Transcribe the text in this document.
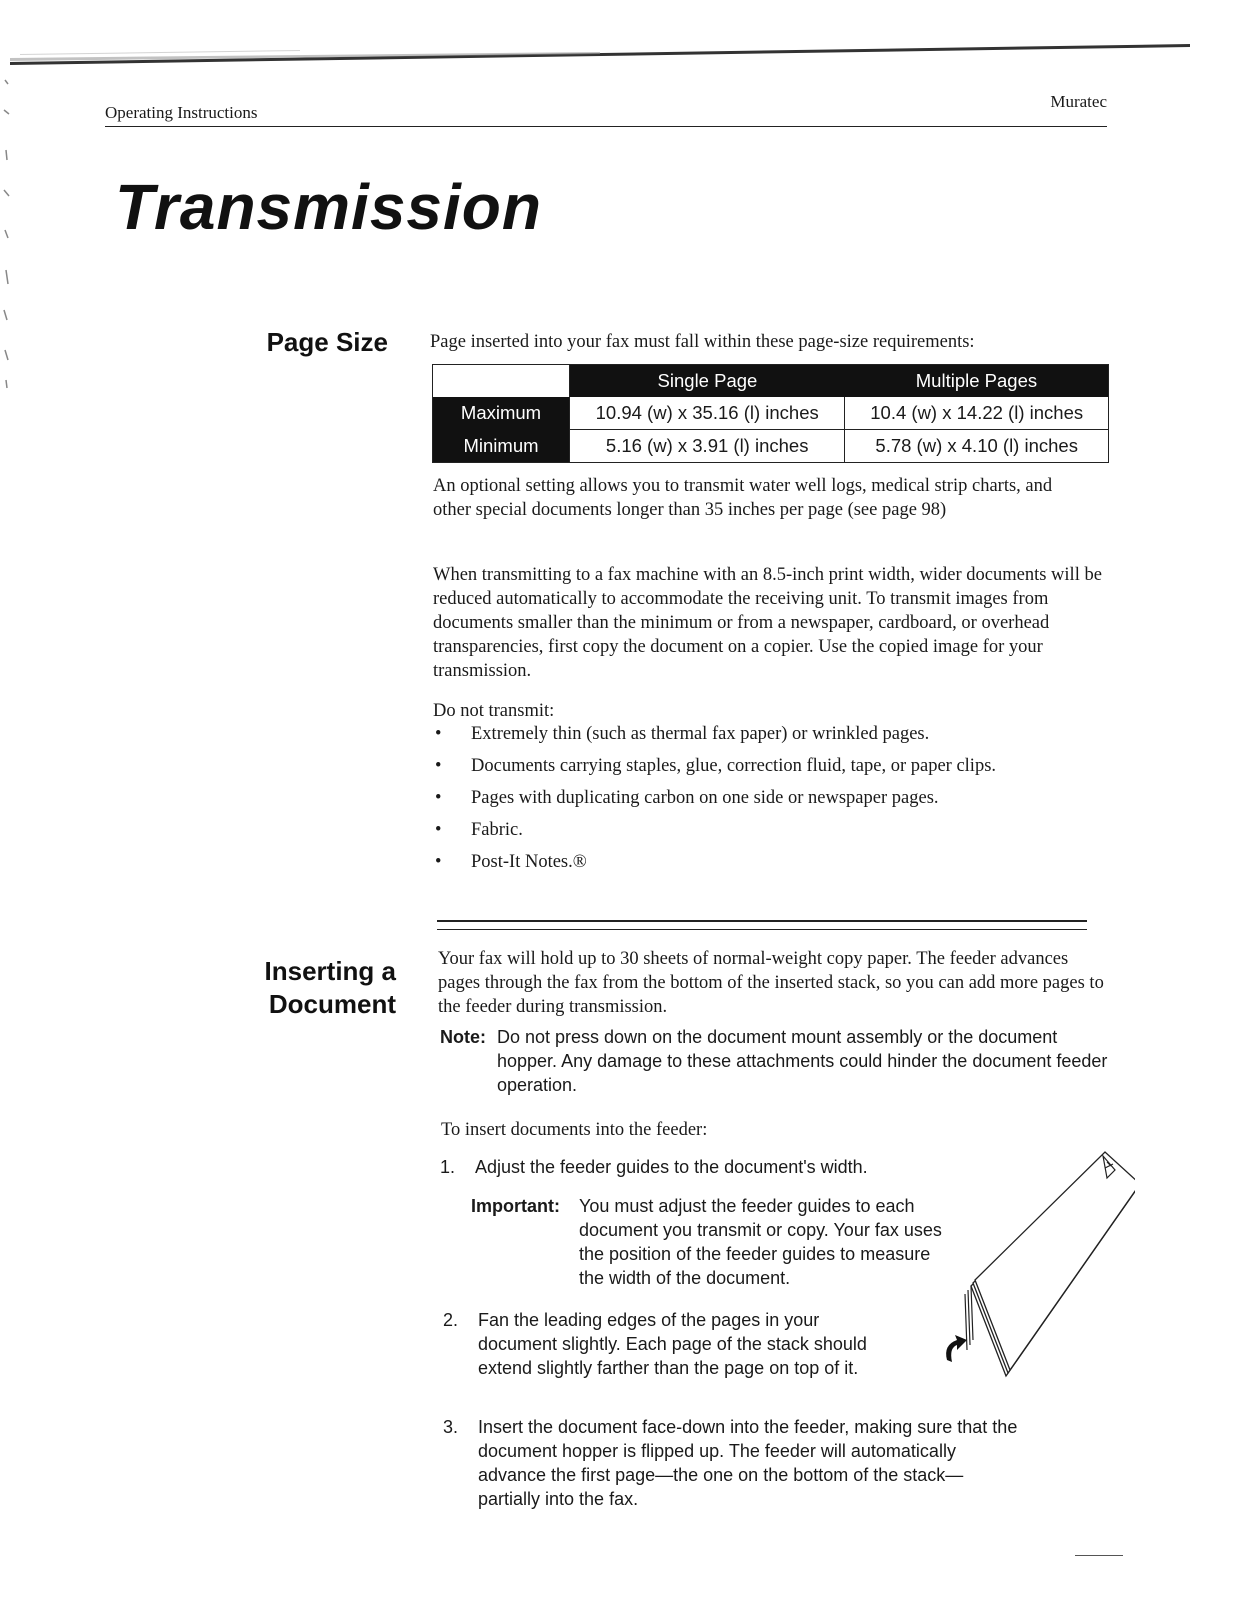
Operating Instructions
Muratec
Transmission
Page Size Page inserted into your fax must fall within these page-size requirements:

	Single Page	Multiple Pages
Maximum	10.94 (w) x 35.16 (l) inches	10.4 (w) x 14.22 (l) inches
Minimum	5.16 (w) x 3.91 (l) inches	5.78 (w) x 4.10 (l) inches

An optional setting allows you to transmit water well logs, medical strip charts, and other special documents longer than 35 inches per page (see page 98)

When transmitting to a fax machine with an 8.5-inch print width, wider documents will be reduced automatically to accommodate the receiving unit. To transmit images from documents smaller than the minimum or from a newspaper, cardboard, or overhead transparencies, first copy the document on a copier. Use the copied image for your transmission.

Do not transmit:

• Extremely thin (such as thermal fax paper) or wrinkled pages.
• Documents carrying staples, glue, correction fluid, tape, or paper clips.
• Pages with duplicating carbon on one side or newspaper pages.
• Fabric.
• Post-It Notes.®
Inserting a
Document

Your fax will hold up to 30 sheets of normal-weight copy paper. The feeder advances pages through the fax from the bottom of the inserted stack, so you can add more pages to the feeder during transmission.

Note: Do not press down on the document mount assembly or the document hopper. Any damage to these attachments could hinder the document feeder operation.

To insert documents into the feeder:

1. Adjust the feeder guides to the document's width.
Important: You must adjust the feeder guides to each document you transmit or copy. Your fax uses the position of the feeder guides to measure the width of the document.
2. Fan the leading edges of the pages in your document slightly. Each page of the stack should extend slightly farther than the page on top of it.
3. Insert the document face-down into the feeder, making sure that the document hopper is flipped up. The feeder will automatically advance the first page—the one on the bottom of the stack—partially into the fax.
